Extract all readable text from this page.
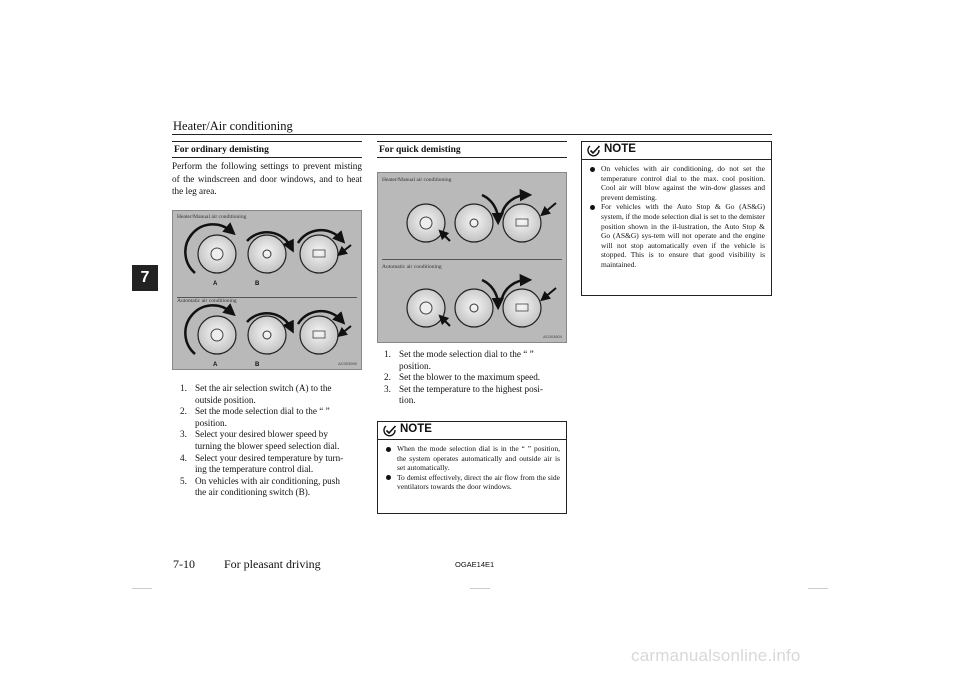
Heater/Air conditioning
7
For ordinary demisting
Perform the following settings to prevent misting of the windscreen and door windows, and to heat the leg area.
Heater/Manual air conditioning
Automatic air conditioning
AC003590
A	B
A	B
1. Set the air selection switch (A) to the
outside position.
2. Set the mode selection dial to the “ ”
position.
3. Select your desired blower speed by
turning the blower speed selection dial.
4. Select your desired temperature by turn-
ing the temperature control dial.
5. On vehicles with air conditioning, push
the air conditioning switch (B).
For quick demisting
Heater/Manual air conditioning
Automatic air conditioning
AC003604
1. Set the mode selection dial to the “ ”
position.
2. Set the blower to the maximum speed.
3. Set the temperature to the highest posi-
tion.
NOTE
When the mode selection dial is in the “ ” position, the system operates automatically and outside air is set automatically.
To demist effectively, direct the air flow from the side ventilators towards the door windows.
NOTE
On vehicles with air conditioning, do not set the temperature control dial to the max. cool position. Cool air will blow against the win-dow glasses and prevent demisting.
For vehicles with the Auto Stop & Go (AS&G) system, if the mode selection dial is set to the demister position shown in the il-lustration, the Auto Stop & Go (AS&G) sys-tem will not operate and the engine will not stop automatically even if the vehicle is stopped. This is to ensure that good visibility is maintained.
7-10 For pleasant driving	OGAE14E1
carmanualsonline.info
